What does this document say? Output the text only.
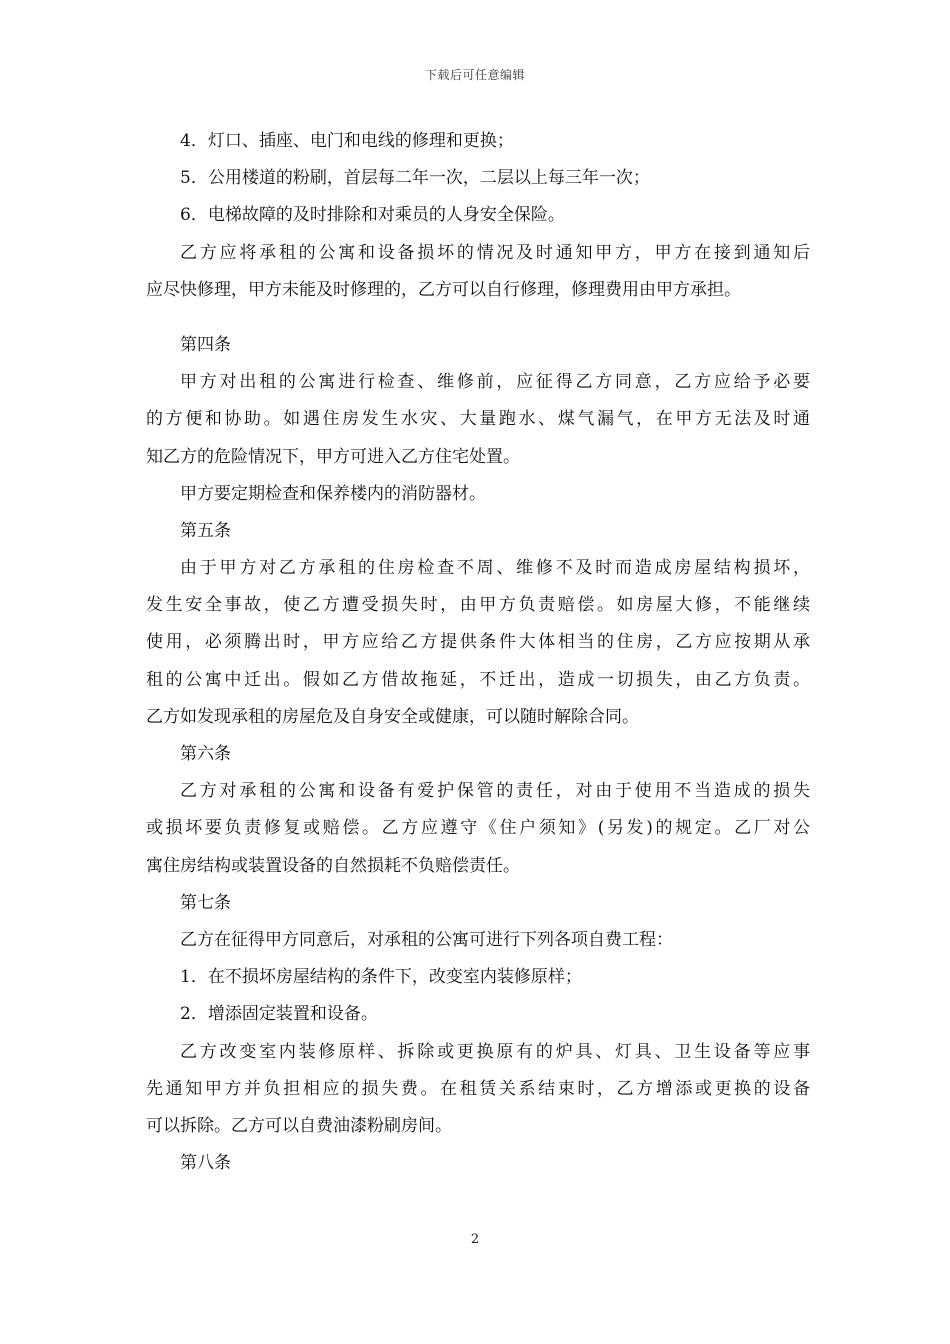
下载后可任意编辑

4．灯口、插座、电门和电线的修理和更换；

5．公用楼道的粉刷，首层每二年一次，二层以上每三年一次；

6．电梯故障的及时排除和对乘员的人身安全保险。

乙方应将承租的公寓和设备损坏的情况及时通知甲方，甲方在接到通知后

应尽快修理，甲方未能及时修理的，乙方可以自行修理，修理费用由甲方承担。

第四条

甲方对出租的公寓进行检查、维修前，应征得乙方同意，乙方应给予必要

的方便和协助。如遇住房发生水灾、大量跑水、煤气漏气，在甲方无法及时通

知乙方的危险情况下，甲方可进入乙方住宅处置。

甲方要定期检查和保养楼内的消防器材。

第五条

由于甲方对乙方承租的住房检查不周、维修不及时而造成房屋结构损坏，

发生安全事故，使乙方遭受损失时，由甲方负责赔偿。如房屋大修，不能继续

使用，必须腾出时，甲方应给乙方提供条件大体相当的住房，乙方应按期从承

租的公寓中迁出。假如乙方借故拖延，不迁出，造成一切损失，由乙方负责。

乙方如发现承租的房屋危及自身安全或健康，可以随时解除合同。

第六条

乙方对承租的公寓和设备有爱护保管的责任，对由于使用不当造成的损失

或损坏要负责修复或赔偿。乙方应遵守《住户须知》(另发)的规定。乙厂对公

寓住房结构或装置设备的自然损耗不负赔偿责任。

第七条

乙方在征得甲方同意后，对承租的公寓可进行下列各项自费工程：

1．在不损坏房屋结构的条件下，改变室内装修原样；

2．增添固定装置和设备。

乙方改变室内装修原样、拆除或更换原有的炉具、灯具、卫生设备等应事

先通知甲方并负担相应的损失费。在租赁关系结束时，乙方增添或更换的设备

可以拆除。乙方可以自费油漆粉刷房间。

第八条

2
